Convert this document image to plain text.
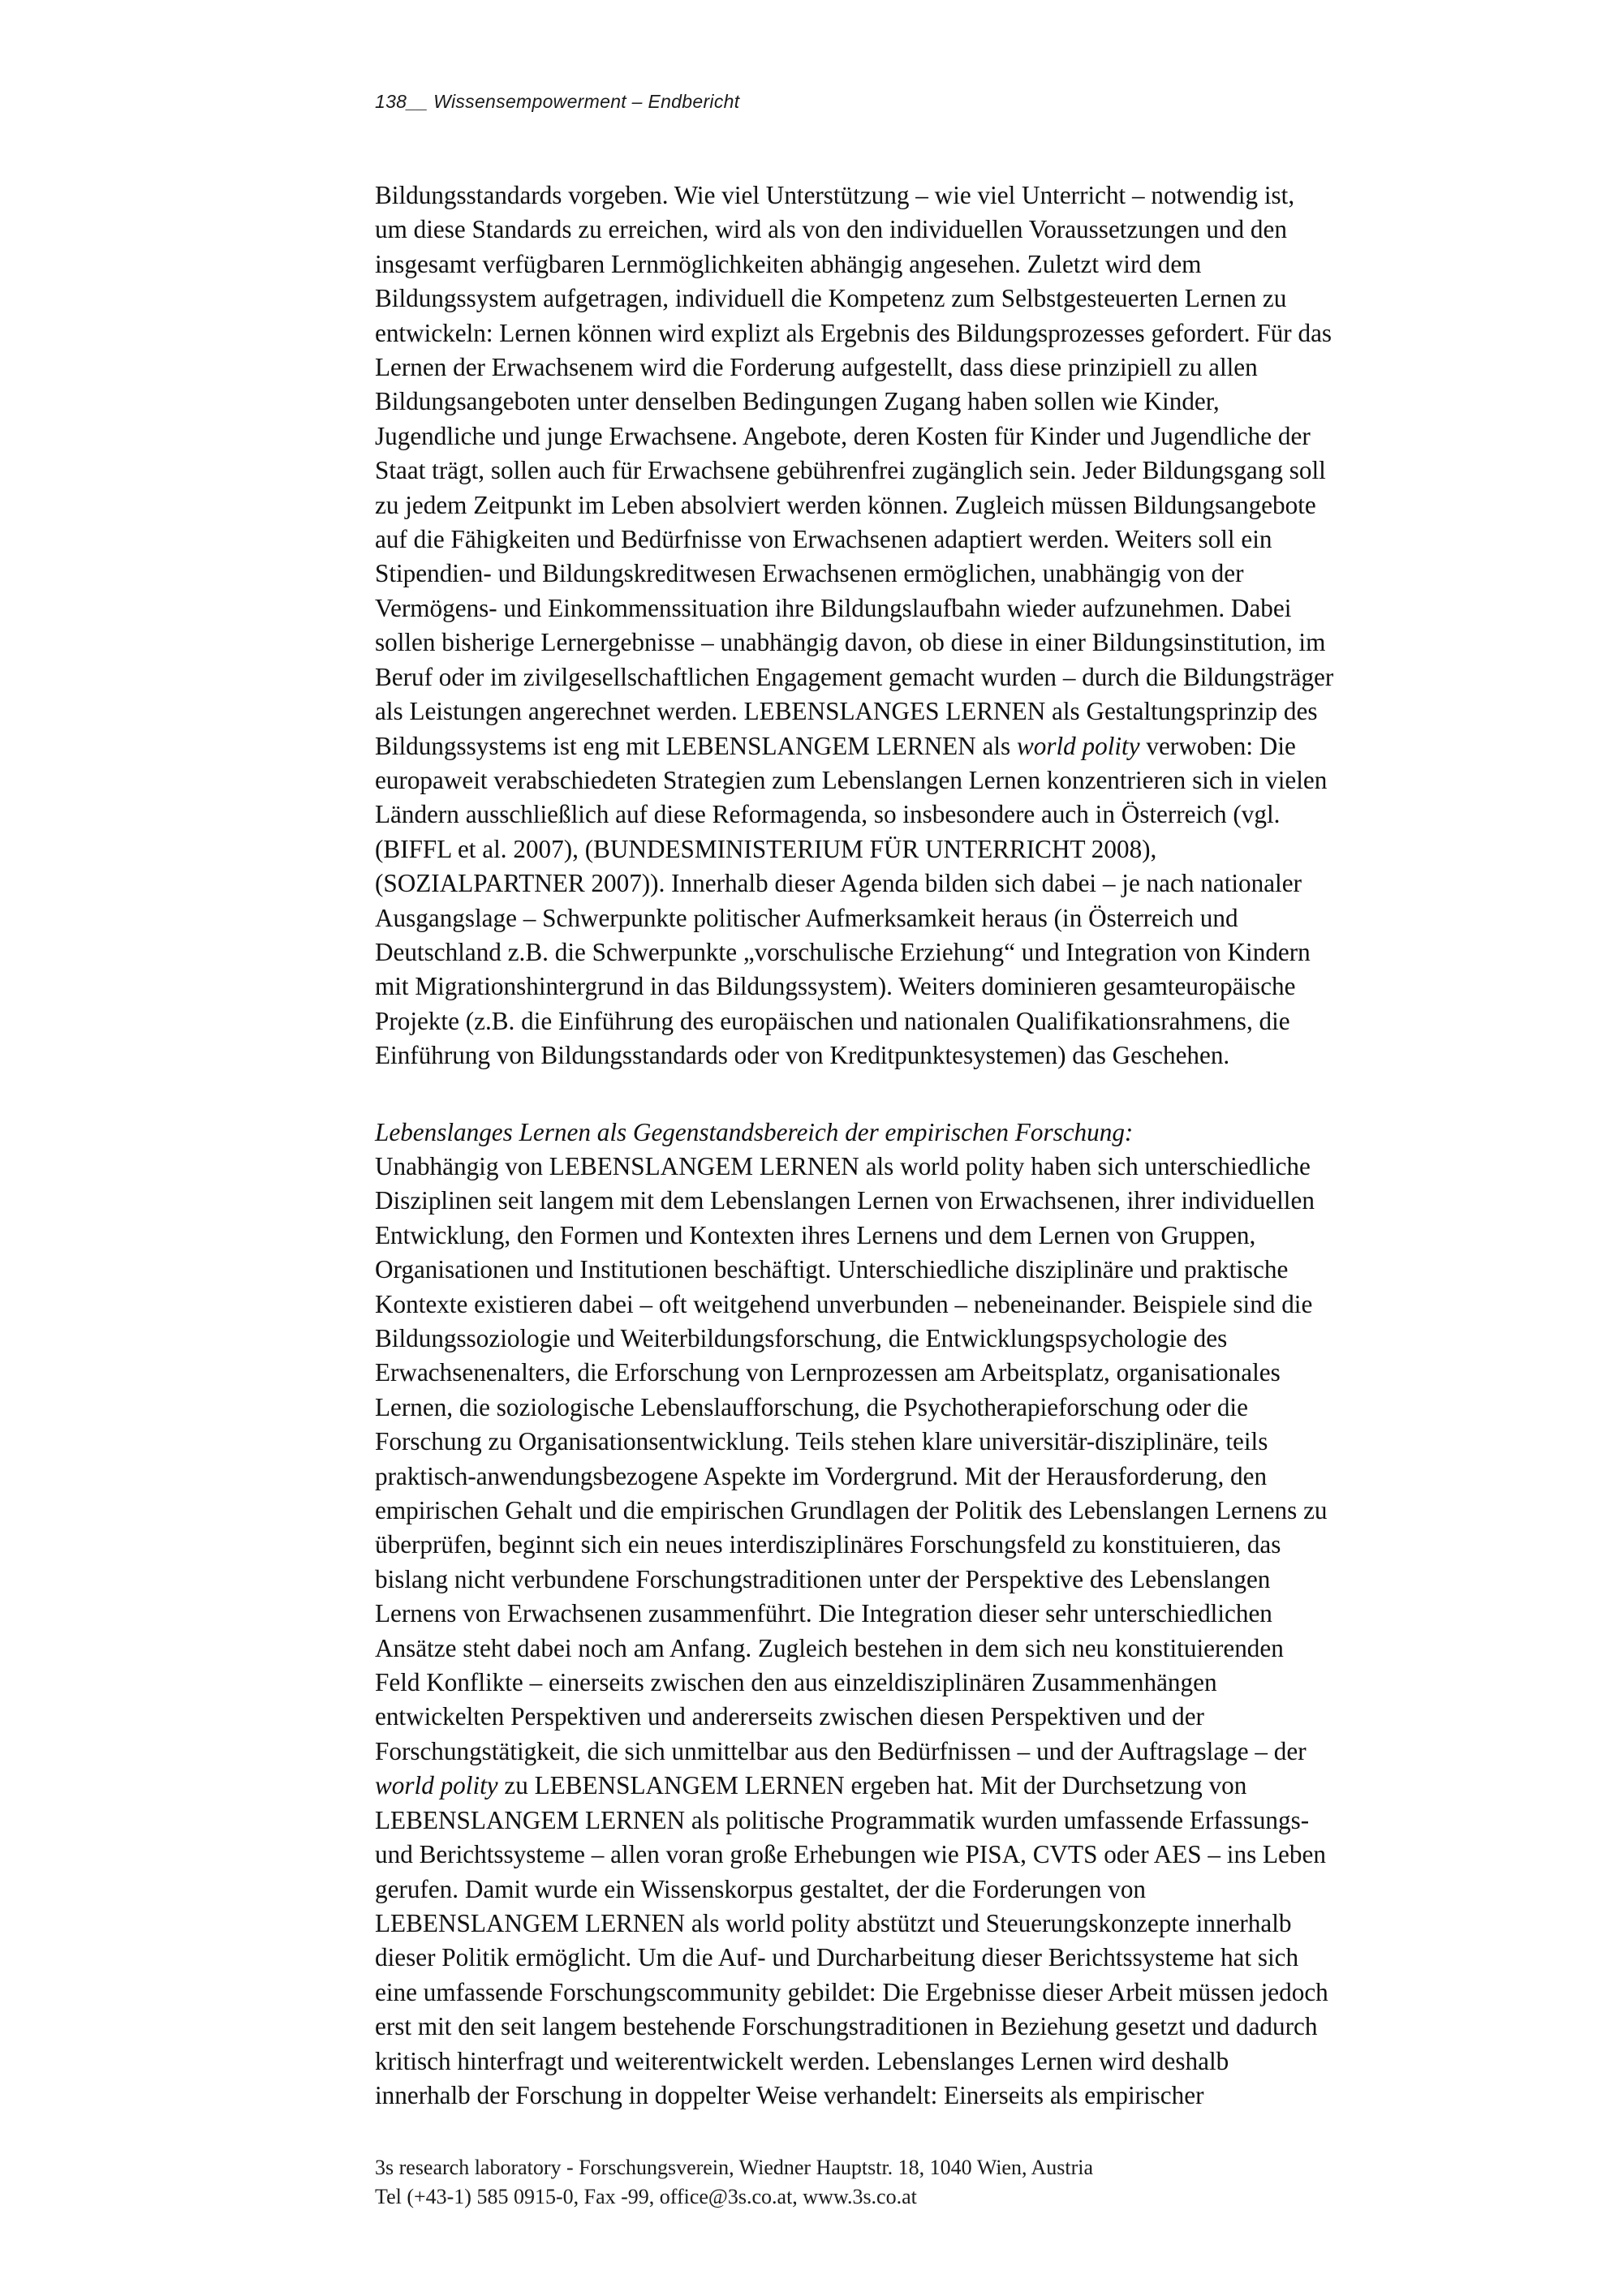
138__ Wissensempowerment – Endbericht

Bildungsstandards vorgeben. Wie viel Unterstützung – wie viel Unterricht – notwendig ist,
um diese Standards zu erreichen, wird als von den individuellen Voraussetzungen und den
insgesamt verfügbaren Lernmöglichkeiten abhängig angesehen. Zuletzt wird dem
Bildungssystem aufgetragen, individuell die Kompetenz zum Selbstgesteuerten Lernen zu
entwickeln: Lernen können wird explizt als Ergebnis des Bildungsprozesses gefordert. Für das
Lernen der Erwachsenem wird die Forderung aufgestellt, dass diese prinzipiell zu allen
Bildungsangeboten unter denselben Bedingungen Zugang haben sollen wie Kinder,
Jugendliche und junge Erwachsene. Angebote, deren Kosten für Kinder und Jugendliche der
Staat trägt, sollen auch für Erwachsene gebührenfrei zugänglich sein. Jeder Bildungsgang soll
zu jedem Zeitpunkt im Leben absolviert werden können. Zugleich müssen Bildungsangebote
auf die Fähigkeiten und Bedürfnisse von Erwachsenen adaptiert werden. Weiters soll ein
Stipendien- und Bildungskreditwesen Erwachsenen ermöglichen, unabhängig von der
Vermögens- und Einkommenssituation ihre Bildungslaufbahn wieder aufzunehmen. Dabei
sollen bisherige Lernergebnisse – unabhängig davon, ob diese in einer Bildungsinstitution, im
Beruf oder im zivilgesellschaftlichen Engagement gemacht wurden – durch die Bildungsträger
als Leistungen angerechnet werden. LEBENSLANGES LERNEN als Gestaltungsprinzip des
Bildungssystems ist eng mit LEBENSLANGEM LERNEN als world polity verwoben: Die
europaweit verabschiedeten Strategien zum Lebenslangen Lernen konzentrieren sich in vielen
Ländern ausschließlich auf diese Reformagenda, so insbesondere auch in Österreich (vgl.
(BIFFL et al. 2007), (BUNDESMINISTERIUM FÜR UNTERRICHT 2008),
(SOZIALPARTNER 2007)). Innerhalb dieser Agenda bilden sich dabei – je nach nationaler
Ausgangslage – Schwerpunkte politischer Aufmerksamkeit heraus (in Österreich und
Deutschland z.B. die Schwerpunkte „vorschulische Erziehung“ und Integration von Kindern
mit Migrationshintergrund in das Bildungssystem). Weiters dominieren gesamteuropäische
Projekte (z.B. die Einführung des europäischen und nationalen Qualifikationsrahmens, die
Einführung von Bildungsstandards oder von Kreditpunktesystemen) das Geschehen.

Lebenslanges Lernen als Gegenstandsbereich der empirischen Forschung:

Unabhängig von LEBENSLANGEM LERNEN als world polity haben sich unterschiedliche
Disziplinen seit langem mit dem Lebenslangen Lernen von Erwachsenen, ihrer individuellen
Entwicklung, den Formen und Kontexten ihres Lernens und dem Lernen von Gruppen,
Organisationen und Institutionen beschäftigt. Unterschiedliche disziplinäre und praktische
Kontexte existieren dabei – oft weitgehend unverbunden – nebeneinander. Beispiele sind die
Bildungssoziologie und Weiterbildungsforschung, die Entwicklungspsychologie des
Erwachsenenalters, die Erforschung von Lernprozessen am Arbeitsplatz, organisationales
Lernen, die soziologische Lebenslaufforschung, die Psychotherapieforschung oder die
Forschung zu Organisationsentwicklung. Teils stehen klare universitär-disziplinäre, teils
praktisch-anwendungsbezogene Aspekte im Vordergrund. Mit der Herausforderung, den
empirischen Gehalt und die empirischen Grundlagen der Politik des Lebenslangen Lernens zu
überprüfen, beginnt sich ein neues interdisziplinäres Forschungsfeld zu konstituieren, das
bislang nicht verbundene Forschungstraditionen unter der Perspektive des Lebenslangen
Lernens von Erwachsenen zusammenführt. Die Integration dieser sehr unterschiedlichen
Ansätze steht dabei noch am Anfang. Zugleich bestehen in dem sich neu konstituierenden
Feld Konflikte – einerseits zwischen den aus einzeldisziplinären Zusammenhängen
entwickelten Perspektiven und andererseits zwischen diesen Perspektiven und der
Forschungstätigkeit, die sich unmittelbar aus den Bedürfnissen – und der Auftragslage – der
world polity zu LEBENSLANGEM LERNEN ergeben hat. Mit der Durchsetzung von
LEBENSLANGEM LERNEN als politische Programmatik wurden umfassende Erfassungs-
und Berichtssysteme – allen voran große Erhebungen wie PISA, CVTS oder AES – ins Leben
gerufen. Damit wurde ein Wissenskorpus gestaltet, der die Forderungen von
LEBENSLANGEM LERNEN als world polity abstützt und Steuerungskonzepte innerhalb
dieser Politik ermöglicht. Um die Auf- und Durcharbeitung dieser Berichtssysteme hat sich
eine umfassende Forschungscommunity gebildet: Die Ergebnisse dieser Arbeit müssen jedoch
erst mit den seit langem bestehende Forschungstraditionen in Beziehung gesetzt und dadurch
kritisch hinterfragt und weiterentwickelt werden. Lebenslanges Lernen wird deshalb
innerhalb der Forschung in doppelter Weise verhandelt: Einerseits als empirischer

3s research laboratory - Forschungsverein, Wiedner Hauptstr. 18, 1040 Wien, Austria
Tel (+43-1) 585 0915-0, Fax -99, office@3s.co.at, www.3s.co.at
